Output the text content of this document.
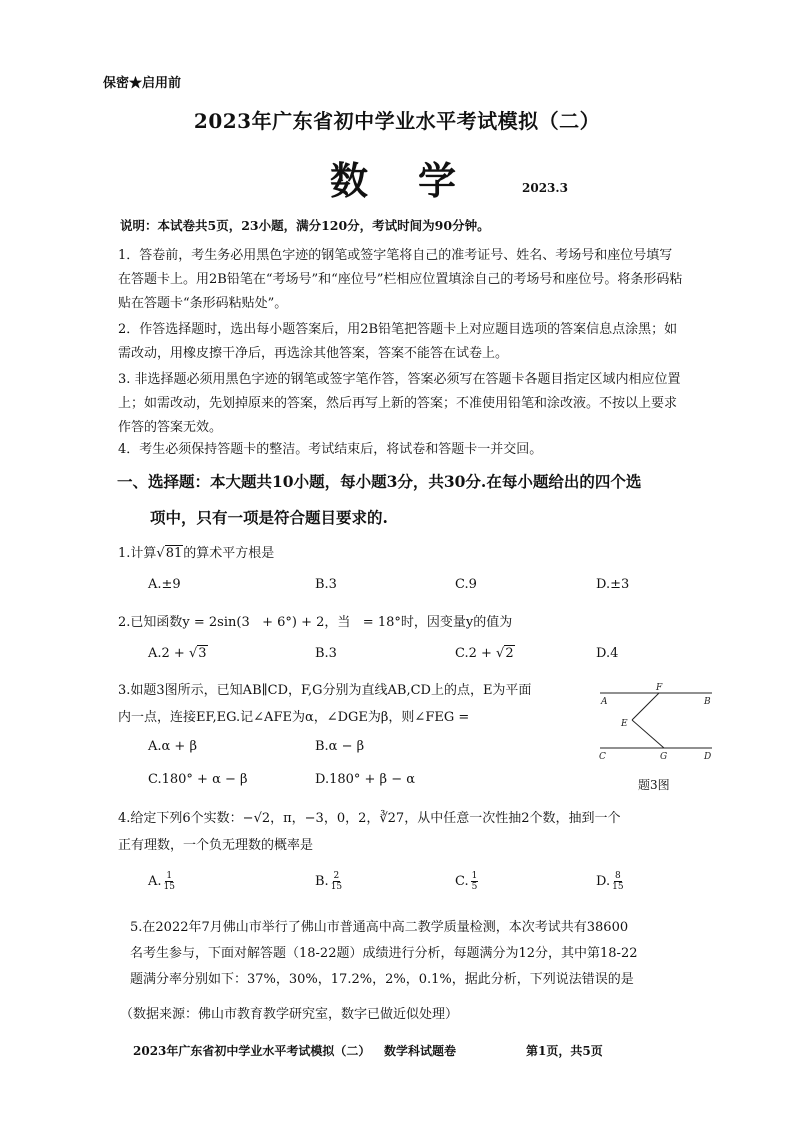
保密★启用前
2023年广东省初中学业水平考试模拟（二）
数学 2023.3
说明：本试卷共5页，23小题，满分120分，考试时间为90分钟。
1．答卷前，考生务必用黑色字迹的钢笔或签字笔将自己的准考证号、姓名、考场号和座位号填写在答题卡上。用2B铅笔在“考场号”和“座位号”栏相应位置填涂自己的考场号和座位号。将条形码粘贴在答题卡“条形码粘贴处”。
2．作答选择题时，选出每小题答案后，用2B铅笔把答题卡上对应题目选项的答案信息点涂黑；如需改动，用橡皮擦干净后，再选涂其他答案，答案不能答在试卷上。
3. 非选择题必须用黑色字迹的钢笔或签字笔作答，答案必须写在答题卡各题目指定区域内相应位置上；如需改动，先划掉原来的答案，然后再写上新的答案；不准使用铅笔和涂改液。不按以上要求作答的答案无效。
4．考生必须保持答题卡的整洁。考试结束后，将试卷和答题卡一并交回。
一、选择题：本大题共10小题，每小题3分，共30分.在每小题给出的四个选
项中，只有一项是符合题目要求的.
1.计算√81的算术平方根是
A.±9	B.3	C.9	D.±3
2.已知函数y = 2sin(3   + 6°) + 2，当   = 18°时，因变量y的值为
A.2 + √3	B.3	C.2 + √2	D.4
3.如题3图所示，已知AB∥CD，F,G分别为直线AB,CD上的点，E为平面
内一点，连接EF,EG.记∠AFE为α，∠DGE为β，则∠FEG =
A.α + β	B.α − β
C.180° + α − β	D.180° + β − α
F
A	B
E
C	G	D
题3图
4.给定下列6个实数：−√2，π，−3，0，2，∛27，从中任意一次性抽2个数，抽到一个
正有理数，一个负无理数的概率是
A. $\frac{1}{15}$	B. $\frac{2}{15}$	C. $\frac{1}{5}$	D. $\frac{8}{15}$
5.在2022年7月佛山市举行了佛山市普通高中高二教学质量检测，本次考试共有38600
名考生参与，下面对解答题（18-22题）成绩进行分析，每题满分为12分，其中第18-22
题满分率分别如下：37%，30%，17.2%，2%，0.1%，据此分析，下列说法错误的是
（数据来源：佛山市教育教学研究室，数字已做近似处理）
2023年广东省初中学业水平考试模拟（二） 数学科试题卷	第1页，共5页
